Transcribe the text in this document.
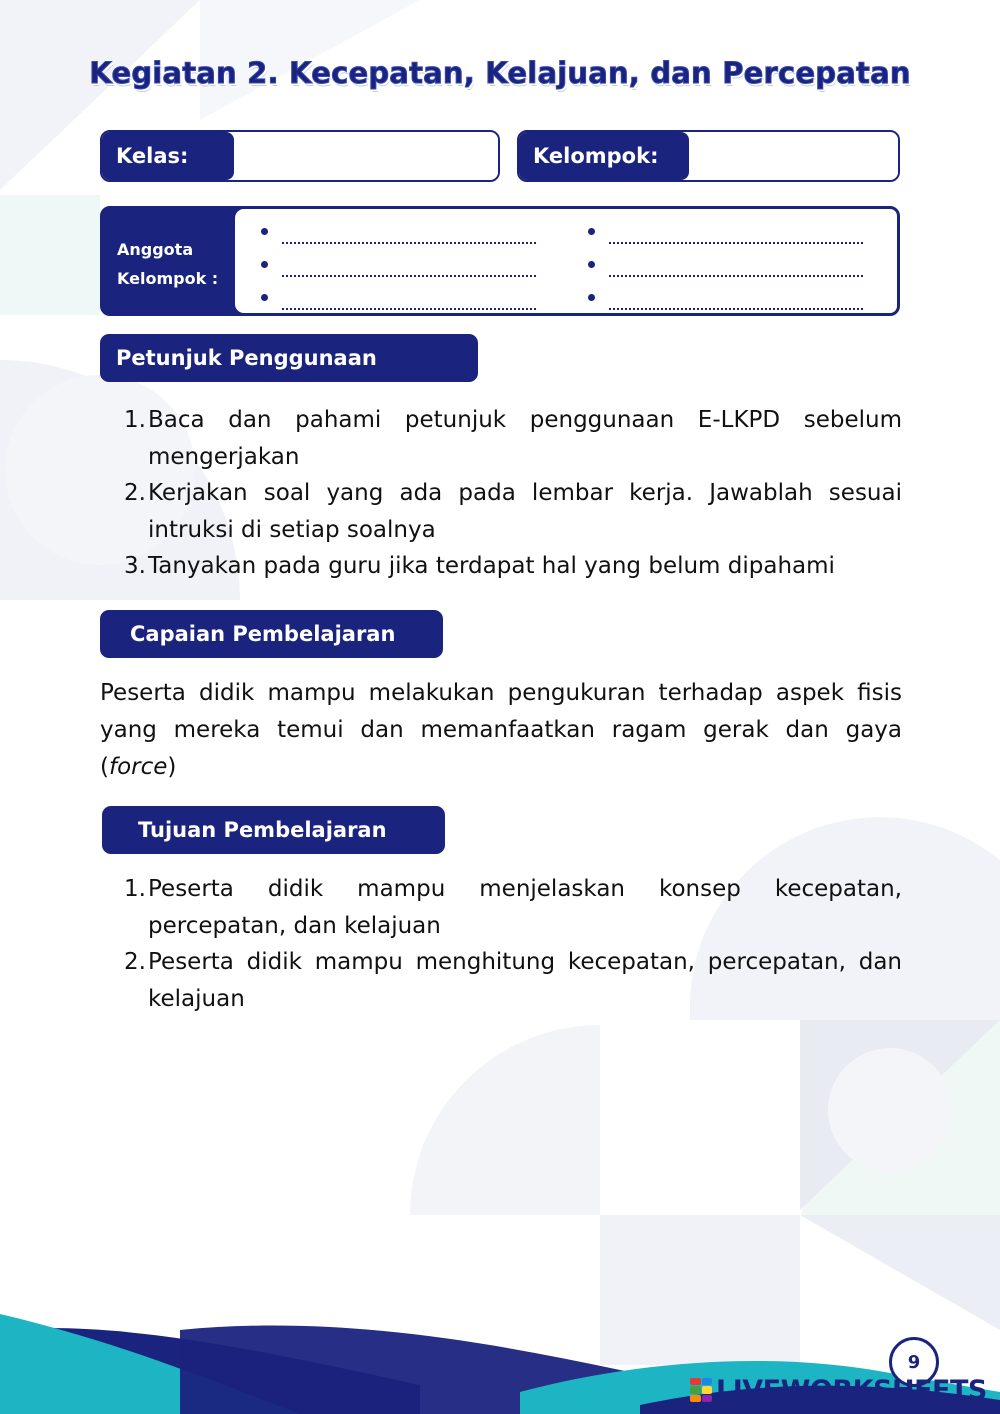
Kegiatan 2. Kecepatan, Kelajuan, dan Percepatan
Kelas:	Kelompok:
Anggota
Kelompok :
Petunjuk Penggunaan
1. Baca dan pahami petunjuk penggunaan E-LKPD sebelum mengerjakan
2. Kerjakan soal yang ada pada lembar kerja. Jawablah sesuai intruksi di setiap soalnya
3. Tanyakan pada guru jika terdapat hal yang belum dipahami
Capaian Pembelajaran

Peserta didik mampu melakukan pengukuran terhadap aspek fisis yang mereka temui dan memanfaatkan ragam gerak dan gaya (force)

Tujuan Pembelajaran
1. Peserta didik mampu menjelaskan konsep kecepatan, percepatan, dan kelajuan
2. Peserta didik mampu menghitung kecepatan, percepatan, dan kelajuan
9
LIVEWORKSHEETS
